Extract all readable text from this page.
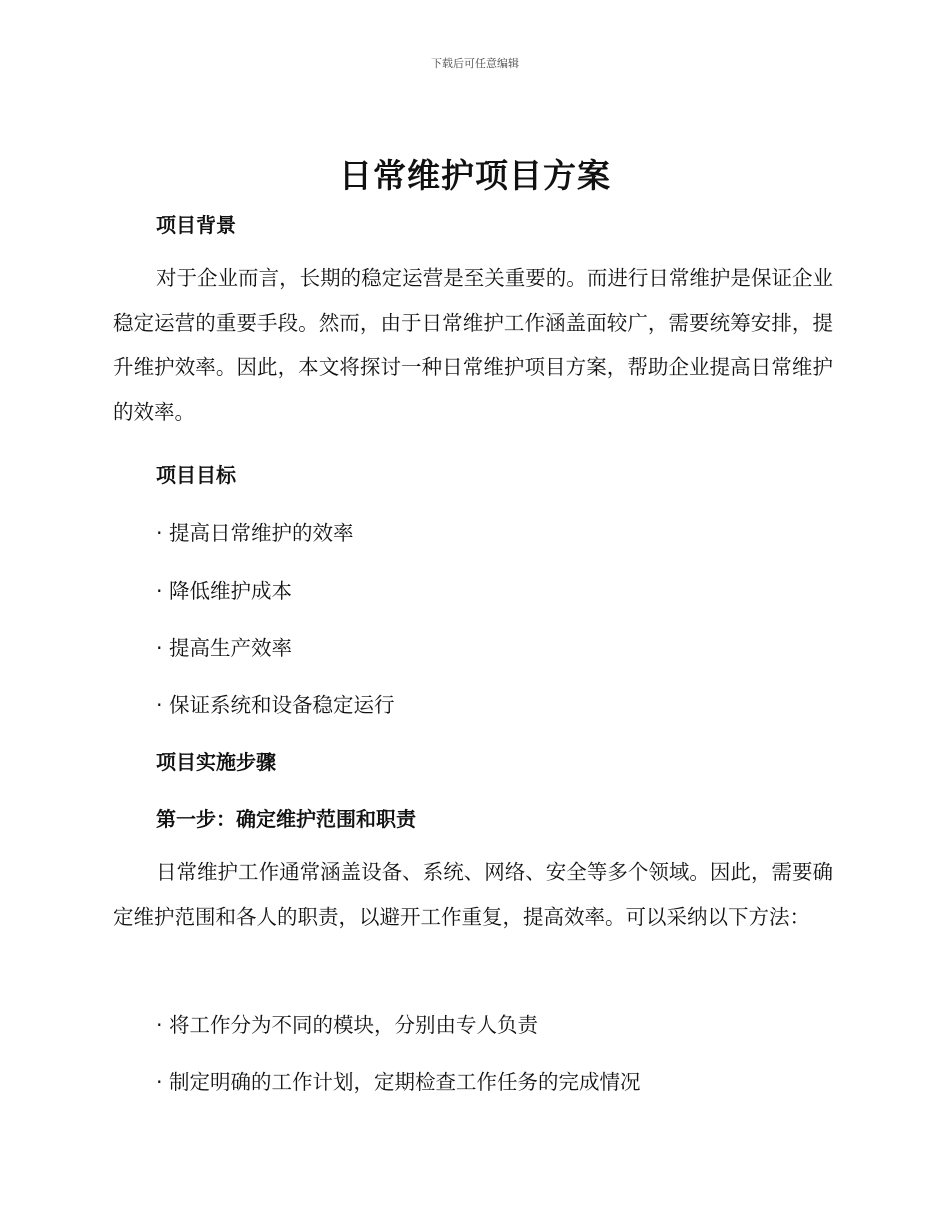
下载后可任意编辑
日常维护项目方案
项目背景
对于企业而言，长期的稳定运营是至关重要的。而进行日常维护是保证企业稳定运营的重要手段。然而，由于日常维护工作涵盖面较广，需要统筹安排，提升维护效率。因此，本文将探讨一种日常维护项目方案，帮助企业提高日常维护的效率。
项目目标
· 提高日常维护的效率
· 降低维护成本
· 提高生产效率
· 保证系统和设备稳定运行
项目实施步骤
第一步：确定维护范围和职责
日常维护工作通常涵盖设备、系统、网络、安全等多个领域。因此，需要确定维护范围和各人的职责，以避开工作重复，提高效率。可以采纳以下方法：
· 将工作分为不同的模块，分别由专人负责
· 制定明确的工作计划，定期检查工作任务的完成情况
